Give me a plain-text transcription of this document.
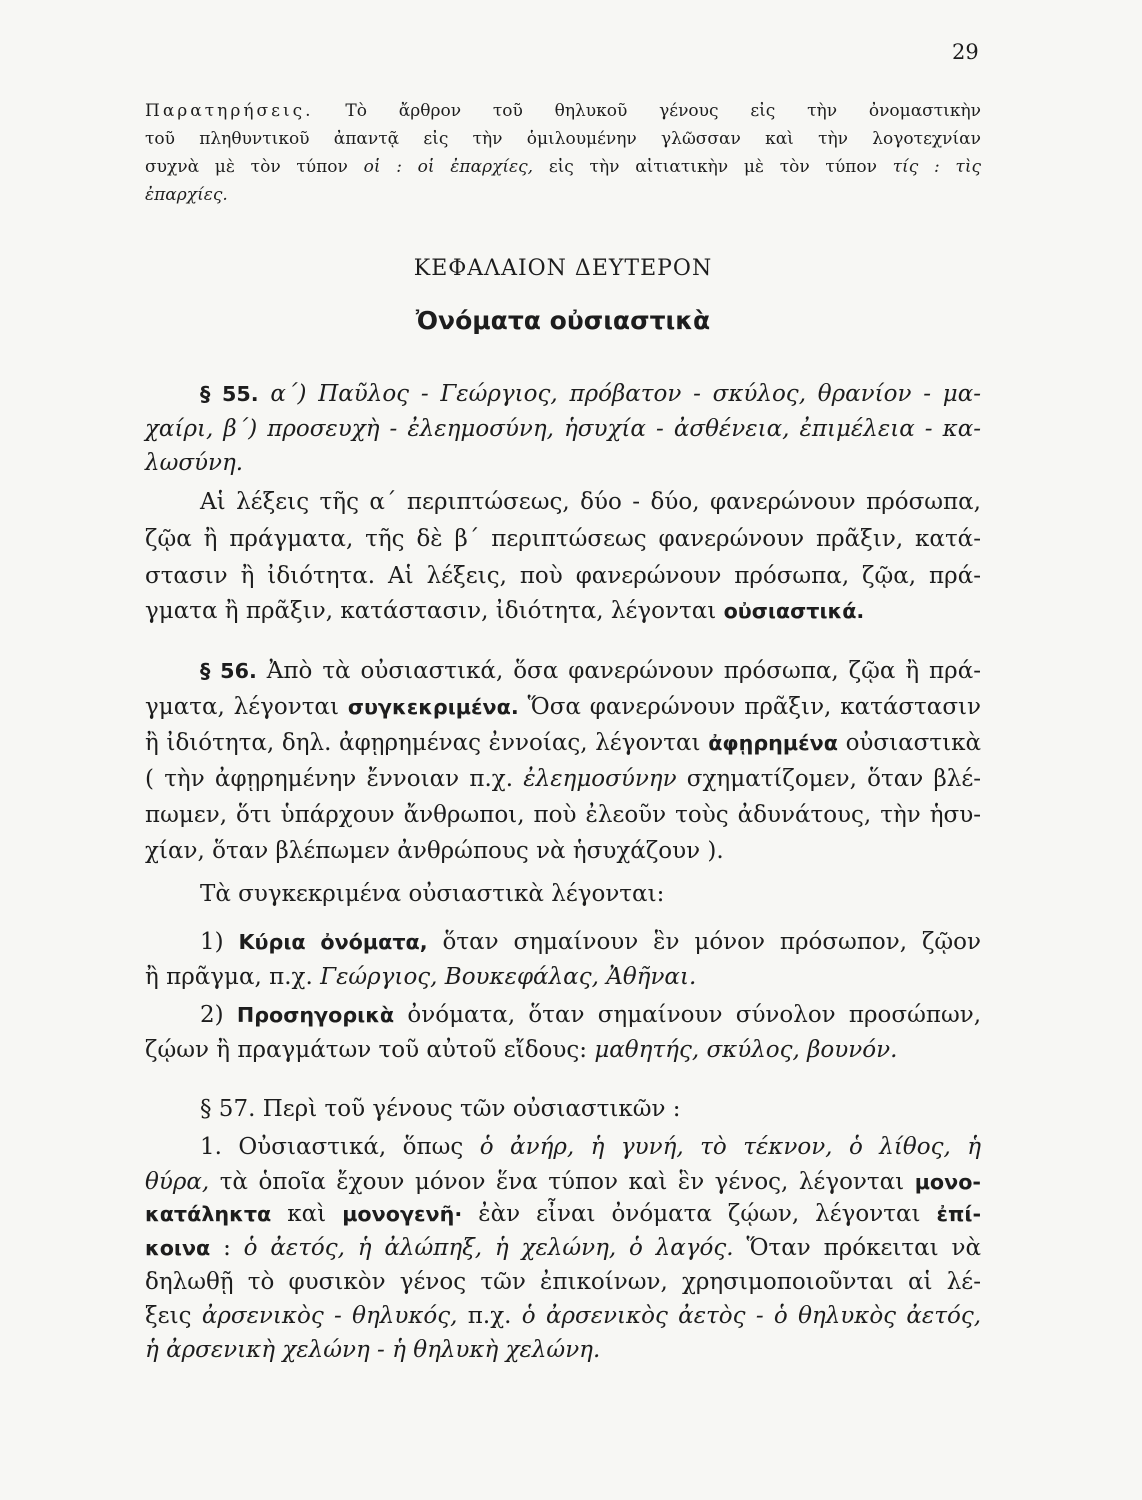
29
Παρατηρήσεις. Τὸ ἄρθρον τοῦ θηλυκοῦ γένους εἰς τὴν ὀνομαστικὴν
τοῦ πληθυντικοῦ ἀπαντᾷ εἰς τὴν ὁμιλουμένην γλῶσσαν καὶ τὴν λογοτεχνίαν
συχνὰ μὲ τὸν τύπον οἱ : οἱ ἐπαρχίες, εἰς τὴν αἰτιατικὴν μὲ τὸν τύπον τίς : τὶς
ἐπαρχίες.
ΚΕΦΑΛΑΙΟΝ ΔΕΥΤΕΡΟΝ
Ὀνόματα οὐσιαστικὰ
§ 55. α΄) Παῦλος - Γεώργιος, πρόβατον - σκύλος, θρανίον - μα-
χαίρι, β΄) προσευχὴ - ἐλεημοσύνη, ἡσυχία - ἀσθένεια, ἐπιμέλεια - κα-
λωσύνη.
Αἱ λέξεις τῆς α΄ περιπτώσεως, δύο - δύο, φανερώνουν πρόσωπα,
ζῷα ἢ πράγματα, τῆς δὲ β΄ περιπτώσεως φανερώνουν πρᾶξιν, κατά-
στασιν ἢ ἰδιότητα. Αἱ λέξεις, ποὺ φανερώνουν πρόσωπα, ζῷα, πρά-
γματα ἢ πρᾶξιν, κατάστασιν, ἰδιότητα, λέγονται οὐσιαστικά.
§ 56. Ἀπὸ τὰ οὐσιαστικά, ὅσα φανερώνουν πρόσωπα, ζῷα ἢ πρά-
γματα, λέγονται συγκεκριμένα. Ὅσα φανερώνουν πρᾶξιν, κατάστασιν
ἢ ἰδιότητα, δηλ. ἀφῃρημένας ἐννοίας, λέγονται ἀφῃρημένα οὐσιαστικὰ
( τὴν ἀφῃρημένην ἔννοιαν π.χ. ἐλεημοσύνην σχηματίζομεν, ὅταν βλέ-
πωμεν, ὅτι ὑπάρχουν ἄνθρωποι, ποὺ ἐλεοῦν τοὺς ἀδυνάτους, τὴν ἡσυ-
χίαν, ὅταν βλέπωμεν ἀνθρώπους νὰ ἡσυχάζουν ).
Τὰ συγκεκριμένα οὐσιαστικὰ λέγονται:
1) Κύρια ὀνόματα, ὅταν σημαίνουν ἓν μόνον πρόσωπον, ζῷον
ἢ πρᾶγμα, π.χ. Γεώργιος, Βουκεφάλας, Ἀθῆναι.
2) Προσηγορικὰ ὀνόματα, ὅταν σημαίνουν σύνολον προσώπων,
ζῴων ἢ πραγμάτων τοῦ αὐτοῦ εἴδους: μαθητής, σκύλος, βουνόν.
§ 57. Περὶ τοῦ γένους τῶν οὐσιαστικῶν :
1. Οὐσιαστικά, ὅπως ὁ ἀνήρ, ἡ γυνή, τὸ τέκνον, ὁ λίθος, ἡ
θύρα, τὰ ὁποῖα ἔχουν μόνον ἕνα τύπον καὶ ἓν γένος, λέγονται μονο-
κατάληκτα καὶ μονογενῆ· ἐὰν εἶναι ὀνόματα ζῴων, λέγονται ἐπί-
κοινα : ὁ ἀετός, ἡ ἀλώπηξ, ἡ χελώνη, ὁ λαγός. Ὅταν πρόκειται νὰ
δηλωθῇ τὸ φυσικὸν γένος τῶν ἐπικοίνων, χρησιμοποιοῦνται αἱ λέ-
ξεις ἀρσενικὸς - θηλυκός, π.χ. ὁ ἀρσενικὸς ἀετὸς - ὁ θηλυκὸς ἀετός,
ἡ ἀρσενικὴ χελώνη - ἡ θηλυκὴ χελώνη.
